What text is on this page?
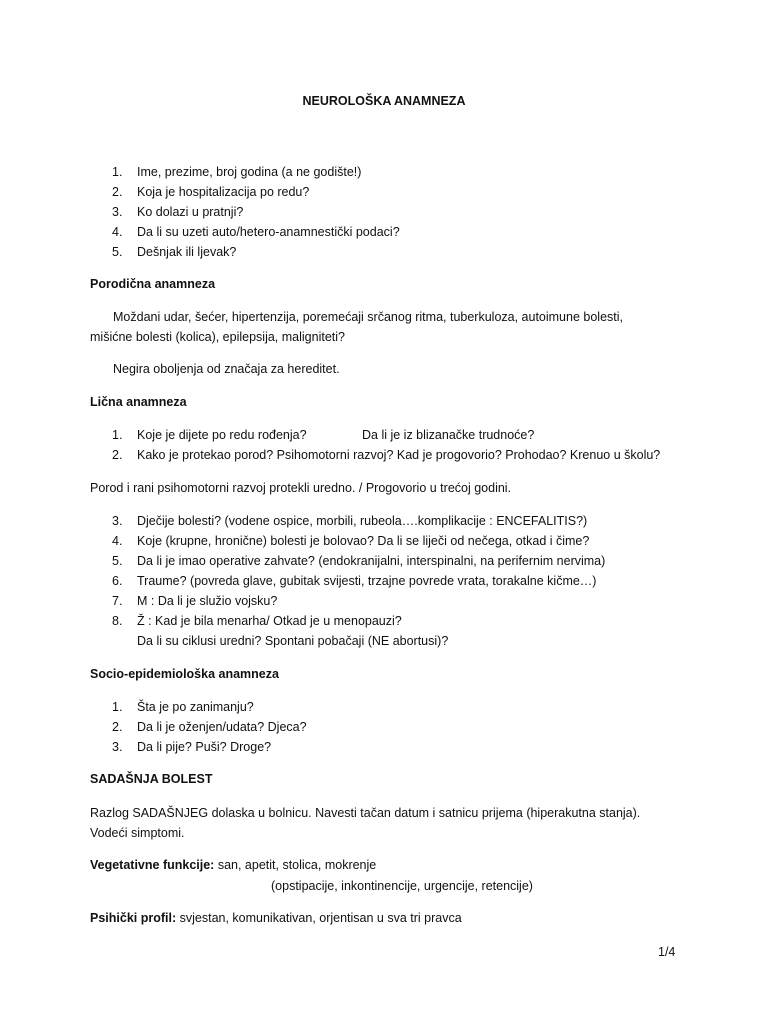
NEUROLOŠKA ANAMNEZA
1. Ime, prezime, broj godina (a ne godište!)
2. Koja je hospitalizacija po redu?
3. Ko dolazi u pratnji?
4. Da li su uzeti auto/hetero-anamnestički podaci?
5. Dešnjak ili ljevak?
Porodična anamneza
Moždani udar, šećer, hipertenzija, poremećaji srčanog ritma, tuberkuloza, autoimune bolesti,
mišićne bolesti (kolica), epilepsija, maligniteti?
Negira oboljenja od značaja za hereditet.
Lična anamneza
1. Koje je dijete po redu rođenja?	Da li je iz blizanačke trudnoće?
2. Kako je protekao porod? Psihomotorni razvoj? Kad je progovorio? Prohodao? Krenuo u školu?
Porod i rani psihomotorni razvoj protekli uredno. / Progovorio u trećoj godini.
3. Dječije bolesti? (vodene ospice, morbili, rubeola….komplikacije : ENCEFALITIS?)
4. Koje (krupne, hronične) bolesti je bolovao? Da li se liječi od nečega, otkad i čime?
5. Da li je imao operative zahvate? (endokranijalni, interspinalni, na perifernim nervima)
6. Traume? (povreda glave, gubitak svijesti, trzajne povrede vrata, torakalne kičme…)
7. M : Da li je služio vojsku?
8. Ž : Kad je bila menarha/ Otkad je u menopauzi?
Da li su ciklusi uredni? Spontani pobačaji (NE abortusi)?
Socio-epidemiološka anamneza
1. Šta je po zanimanju?
2. Da li je oženjen/udata? Djeca?
3. Da li pije? Puši? Droge?
SADAŠNJA BOLEST
Razlog SADAŠNJEG dolaska u bolnicu. Navesti tačan datum i satnicu prijema (hiperakutna stanja).
Vodeći simptomi.
Vegetativne funkcije: san, apetit, stolica, mokrenje
(opstipacije, inkontinencije, urgencije, retencije)
Psihički profil: svjestan, komunikativan, orjentisan u sva tri pravca
1/4
